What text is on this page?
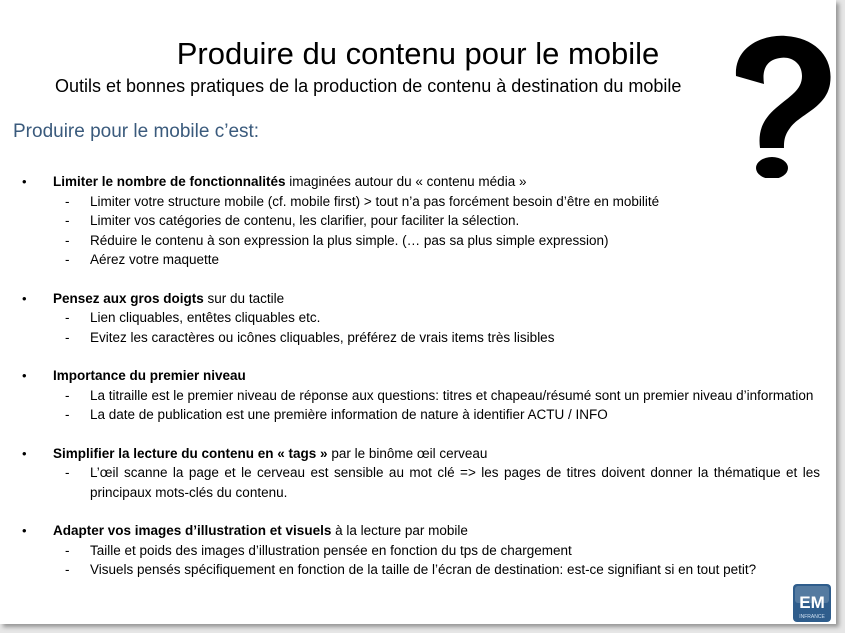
Produire du contenu pour le mobile
Outils et bonnes pratiques de la production de contenu à destination du mobile
Produire pour le mobile c’est:
• Limiter le nombre de fonctionnalités imaginées autour du « contenu média »
- Limiter votre structure mobile (cf. mobile first) > tout n’a pas forcément besoin d’être en mobilité
- Limiter vos catégories de contenu, les clarifier, pour faciliter la sélection.
- Réduire le contenu à son expression la plus simple. (… pas sa plus simple expression)
- Aérez votre maquette
• Pensez aux gros doigts sur du tactile
- Lien cliquables, entêtes cliquables etc.
- Evitez les caractères ou icônes cliquables, préférez de vrais items très lisibles
• Importance du premier niveau
- La titraille est le premier niveau de réponse aux questions: titres et chapeau/résumé sont un premier niveau d’information
- La date de publication est une première information de nature à identifier ACTU / INFO
• Simplifier la lecture du contenu en « tags » par le binôme œil cerveau
- L’œil scanne la page et le cerveau est sensible au mot clé => les pages de titres doivent donner la thématique et les principaux mots-clés du contenu.
• Adapter vos images d’illustration et visuels à la lecture par mobile
- Taille et poids des images d’illustration pensée en fonction du tps de chargement
- Visuels pensés spécifiquement en fonction de la taille de l’écran de destination: est-ce signifiant si en tout petit?
EM
INFRANCE
